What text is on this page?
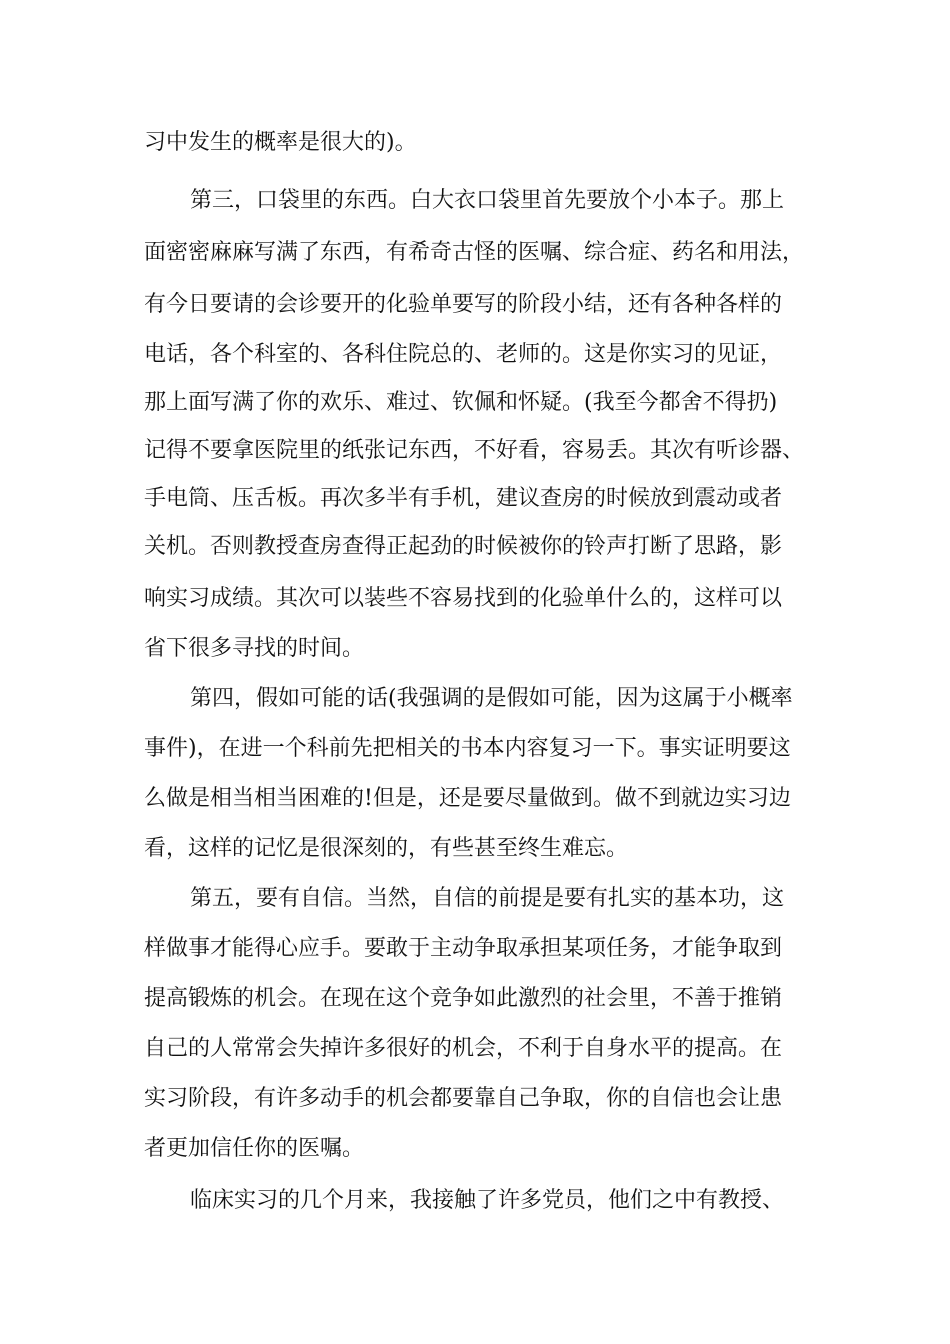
习中发生的概率是很大的)。
第三，口袋里的东西。白大衣口袋里首先要放个小本子。那上
面密密麻麻写满了东西，有希奇古怪的医嘱、综合症、药名和用法，
有今日要请的会诊要开的化验单要写的阶段小结，还有各种各样的
电话，各个科室的、各科住院总的、老师的。这是你实习的见证，
那上面写满了你的欢乐、难过、钦佩和怀疑。(我至今都舍不得扔)
记得不要拿医院里的纸张记东西，不好看，容易丢。其次有听诊器、
手电筒、压舌板。再次多半有手机，建议查房的时候放到震动或者
关机。否则教授查房查得正起劲的时候被你的铃声打断了思路，影
响实习成绩。其次可以装些不容易找到的化验单什么的，这样可以
省下很多寻找的时间。
第四，假如可能的话(我强调的是假如可能，因为这属于小概率
事件)，在进一个科前先把相关的书本内容复习一下。事实证明要这
么做是相当相当困难的!但是，还是要尽量做到。做不到就边实习边
看，这样的记忆是很深刻的，有些甚至终生难忘。
第五，要有自信。当然，自信的前提是要有扎实的基本功，这
样做事才能得心应手。要敢于主动争取承担某项任务，才能争取到
提高锻炼的机会。在现在这个竞争如此激烈的社会里，不善于推销
自己的人常常会失掉许多很好的机会，不利于自身水平的提高。在
实习阶段，有许多动手的机会都要靠自己争取，你的自信也会让患
者更加信任你的医嘱。
临床实习的几个月来，我接触了许多党员，他们之中有教授、
